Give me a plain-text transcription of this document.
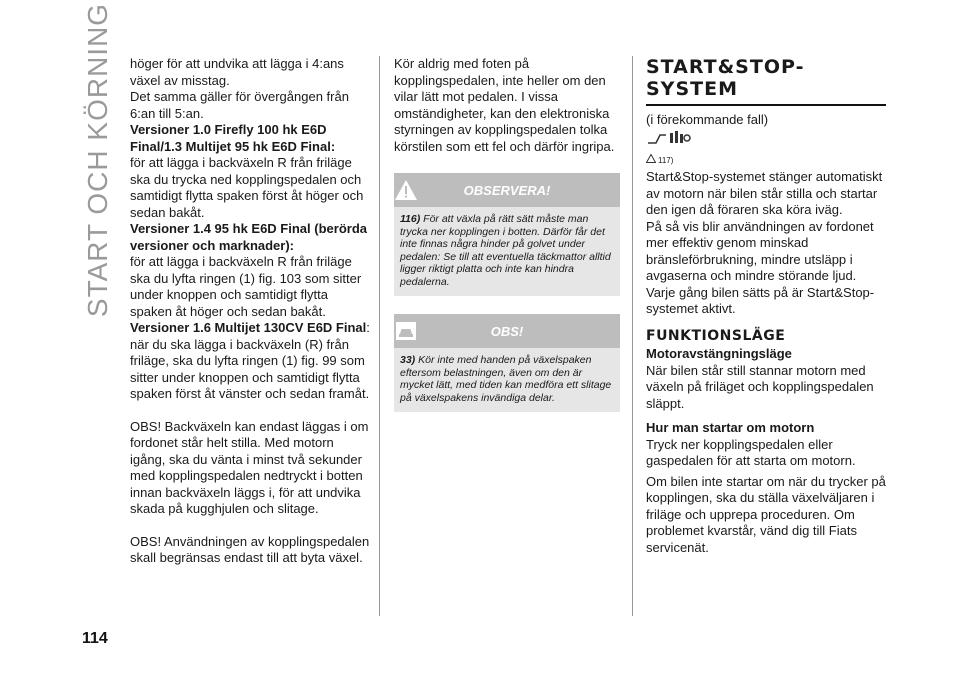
START OCH KÖRNING höger för att undvika att lägga i 4:ans växel av misstag.

Det samma gäller för övergången från 6:an till 5:an.

Versioner 1.0 Firefly 100 hk E6D Final/1.3 Multijet 95 hk E6D Final:

för att lägga i backväxeln R från friläge ska du trycka ned kopplingspedalen och samtidigt flytta spaken först åt höger och sedan bakåt.

Versioner 1.4 95 hk E6D Final (berörda versioner och marknader):

för att lägga i backväxeln R från friläge ska du lyfta ringen (1) fig. 103 som sitter under knoppen och samtidigt flytta spaken åt höger och sedan bakåt.

Versioner 1.6 Multijet 130CV E6D Final: när du ska lägga i backväxeln (R) från friläge, ska du lyfta ringen (1) fig. 99 som sitter under knoppen och samtidigt flytta spaken först åt vänster och sedan framåt.

OBS! Backväxeln kan endast läggas i om fordonet står helt stilla. Med motorn igång, ska du vänta i minst två sekunder med kopplingspedalen nedtryckt i botten innan backväxeln läggs i, för att undvika skada på kugghjulen och slitage.

OBS! Användningen av kopplingspedalen skall begränsas endast till att byta växel.

Kör aldrig med foten på kopplingspedalen, inte heller om den vilar lätt mot pedalen. I vissa omständigheter, kan den elektroniska styrningen av kopplingspedalen tolka körstilen som ett fel och därför ingripa.

OBSERVERA!
116) För att växla på rätt sätt måste man trycka ner kopplingen i botten. Därför får det inte finnas några hinder på golvet under pedalen: Se till att eventuella täckmattor alltid ligger riktigt platta och inte kan hindra pedalerna.
OBS!
33) Kör inte med handen på växelspaken eftersom belastningen, även om den är mycket lätt, med tiden kan medföra ett slitage på växelspakens invändiga delar.
START&STOP-SYSTEM

(i förekommande fall)

117)

Start&Stop-systemet stänger automatiskt av motorn när bilen står stilla och startar den igen då föraren ska köra iväg.

På så vis blir användningen av fordonet mer effektiv genom minskad bränsleförbrukning, mindre utsläpp i avgaserna och mindre störande ljud.

Varje gång bilen sätts på är Start&Stop-systemet aktivt.

FUNKTIONSLÄGE
Motoravstängningsläge

När bilen står still stannar motorn med växeln på friläget och kopplingspedalen släppt.

Hur man startar om motorn

Tryck ner kopplingspedalen eller gaspedalen för att starta om motorn.

Om bilen inte startar om när du trycker på kopplingen, ska du ställa växelväljaren i friläge och upprepa proceduren. Om problemet kvarstår, vänd dig till Fiats servicenät.

114
